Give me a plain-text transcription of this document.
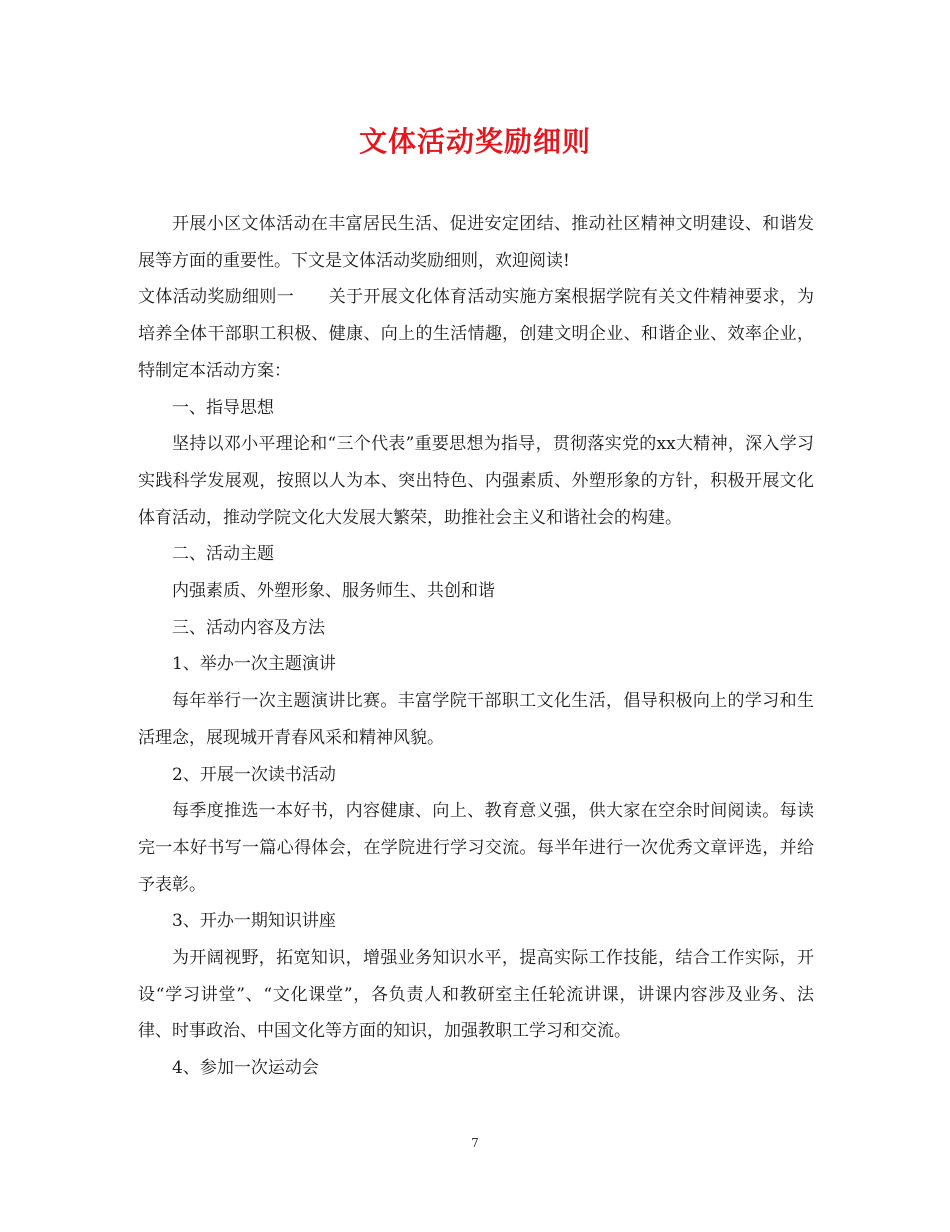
文体活动奖励细则

开展小区文体活动在丰富居民生活、促进安定团结、推动社区精神文明建设、和谐发展等方面的重要性。下文是文体活动奖励细则，欢迎阅读!

文体活动奖励细则一　　关于开展文化体育活动实施方案根据学院有关文件精神要求，为培养全体干部职工积极、健康、向上的生活情趣，创建文明企业、和谐企业、效率企业，特制定本活动方案：

一、指导思想

坚持以邓小平理论和“三个代表”重要思想为指导，贯彻落实党的xx大精神，深入学习实践科学发展观，按照以人为本、突出特色、内强素质、外塑形象的方针，积极开展文化体育活动，推动学院文化大发展大繁荣，助推社会主义和谐社会的构建。

二、活动主题

内强素质、外塑形象、服务师生、共创和谐

三、活动内容及方法

1、举办一次主题演讲

每年举行一次主题演讲比赛。丰富学院干部职工文化生活，倡导积极向上的学习和生活理念，展现城开青春风采和精神风貌。

2、开展一次读书活动

每季度推选一本好书，内容健康、向上、教育意义强，供大家在空余时间阅读。每读完一本好书写一篇心得体会，在学院进行学习交流。每半年进行一次优秀文章评选，并给予表彰。

3、开办一期知识讲座

为开阔视野，拓宽知识，增强业务知识水平，提高实际工作技能，结合工作实际，开设“学习讲堂”、“文化课堂”，各负责人和教研室主任轮流讲课，讲课内容涉及业务、法律、时事政治、中国文化等方面的知识，加强教职工学习和交流。

4、参加一次运动会

7
